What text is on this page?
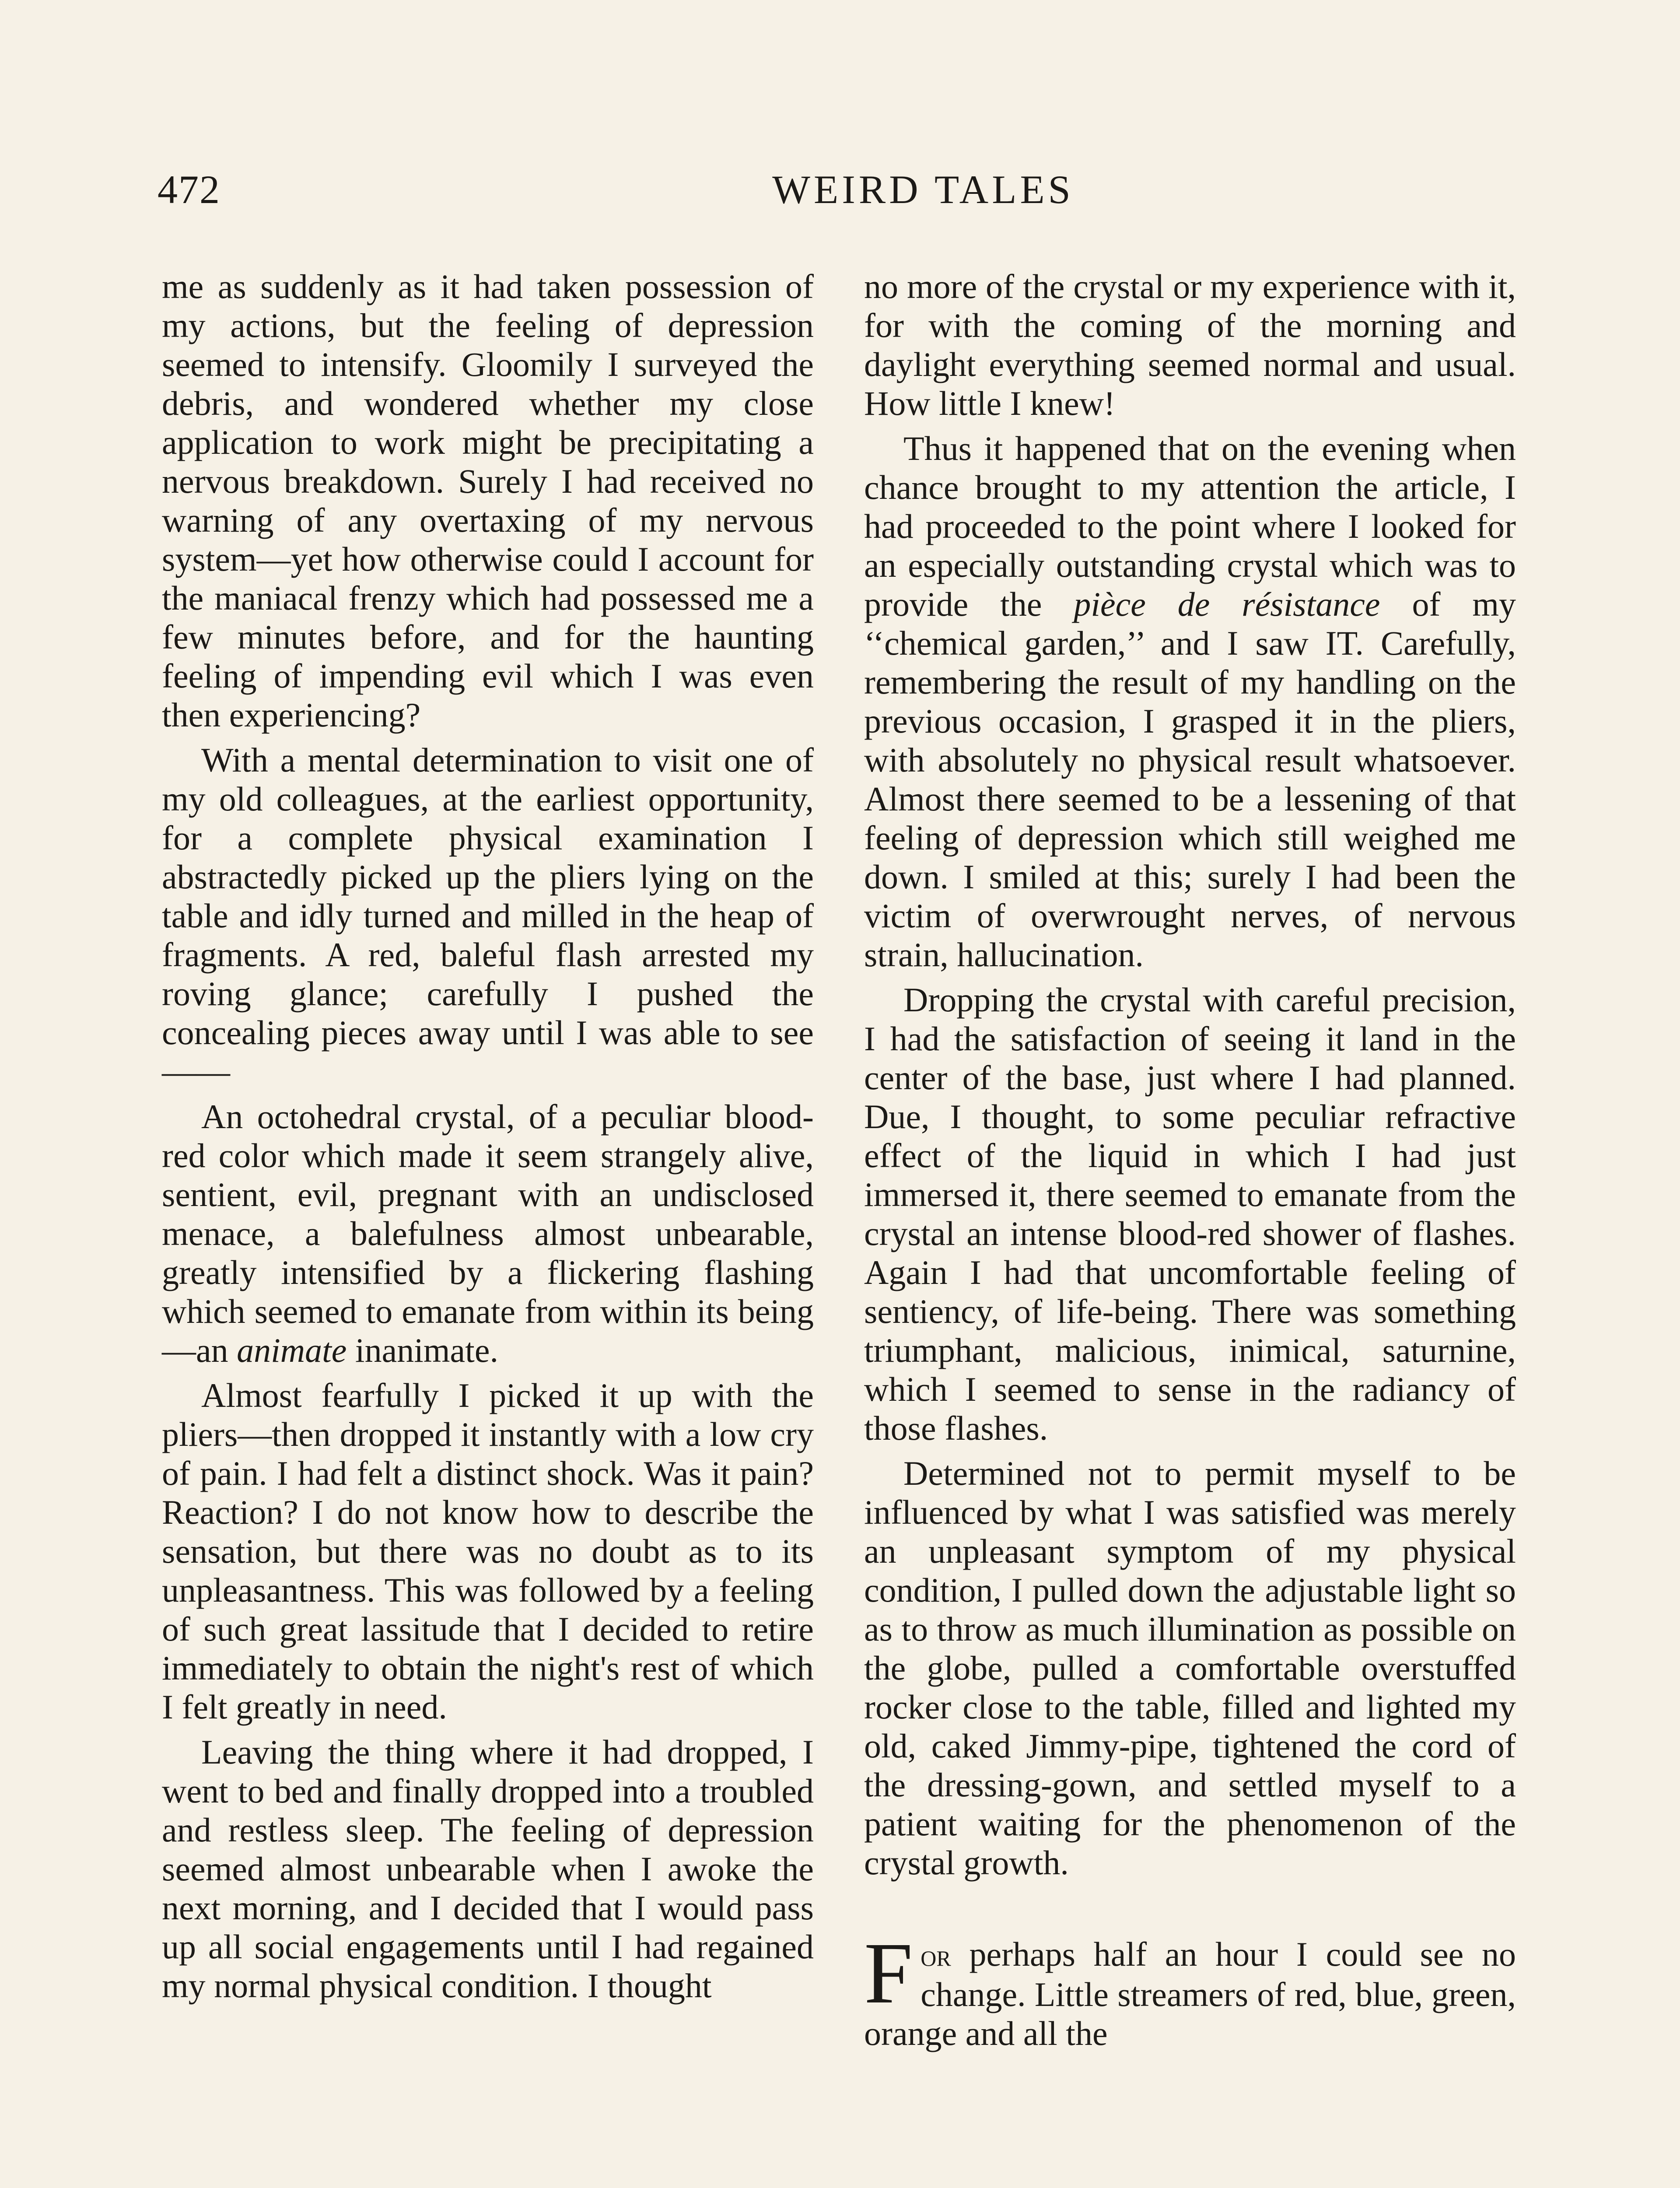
472	WEIRD TALES

me as suddenly as it had taken possession of my actions, but the feeling of depression seemed to intensify. Gloomily I surveyed the debris, and wondered whether my close application to work might be precipitating a nervous breakdown. Surely I had received no warning of any overtaxing of my nervous system—yet how otherwise could I account for the maniacal frenzy which had possessed me a few minutes before, and for the haunting feeling of impending evil which I was even then experiencing?

With a mental determination to visit one of my old colleagues, at the earliest opportunity, for a complete physical examination I abstractedly picked up the pliers lying on the table and idly turned and milled in the heap of fragments. A red, baleful flash arrested my roving glance; carefully I pushed the concealing pieces away until I was able to see——

An octohedral crystal, of a peculiar blood-red color which made it seem strangely alive, sentient, evil, pregnant with an undisclosed menace, a balefulness almost unbearable, greatly intensified by a flickering flashing which seemed to emanate from within its being—an animate inanimate.

Almost fearfully I picked it up with the pliers—then dropped it instantly with a low cry of pain. I had felt a distinct shock. Was it pain? Reaction? I do not know how to describe the sensation, but there was no doubt as to its unpleasantness. This was followed by a feeling of such great lassitude that I decided to retire immediately to obtain the night's rest of which I felt greatly in need.

Leaving the thing where it had dropped, I went to bed and finally dropped into a troubled and restless sleep. The feeling of depression seemed almost unbearable when I awoke the next morning, and I decided that I would pass up all social engagements until I had regained my normal physical condition. I thought

no more of the crystal or my experience with it, for with the coming of the morning and daylight everything seemed normal and usual. How little I knew!

Thus it happened that on the evening when chance brought to my attention the article, I had proceeded to the point where I looked for an especially outstanding crystal which was to provide the pièce de résistance of my ‘‘chemical garden,’’ and I saw IT. Carefully, remembering the result of my handling on the previous occasion, I grasped it in the pliers, with absolutely no physical result whatsoever. Almost there seemed to be a lessening of that feeling of depression which still weighed me down. I smiled at this; surely I had been the victim of overwrought nerves, of nervous strain, hallucination.

Dropping the crystal with careful precision, I had the satisfaction of seeing it land in the center of the base, just where I had planned. Due, I thought, to some peculiar refractive effect of the liquid in which I had just immersed it, there seemed to emanate from the crystal an intense blood-red shower of flashes. Again I had that uncomfortable feeling of sentiency, of life-being. There was something triumphant, malicious, inimical, saturnine, which I seemed to sense in the radiancy of those flashes.

Determined not to permit myself to be influenced by what I was satisfied was merely an unpleasant symptom of my physical condition, I pulled down the adjustable light so as to throw as much illumination as possible on the globe, pulled a comfortable overstuffed rocker close to the table, filled and lighted my old, caked Jimmy-pipe, tightened the cord of the dressing-gown, and settled myself to a patient waiting for the phenomenon of the crystal growth.

For perhaps half an hour I could see no change. Little streamers of red, blue, green, orange and all the
